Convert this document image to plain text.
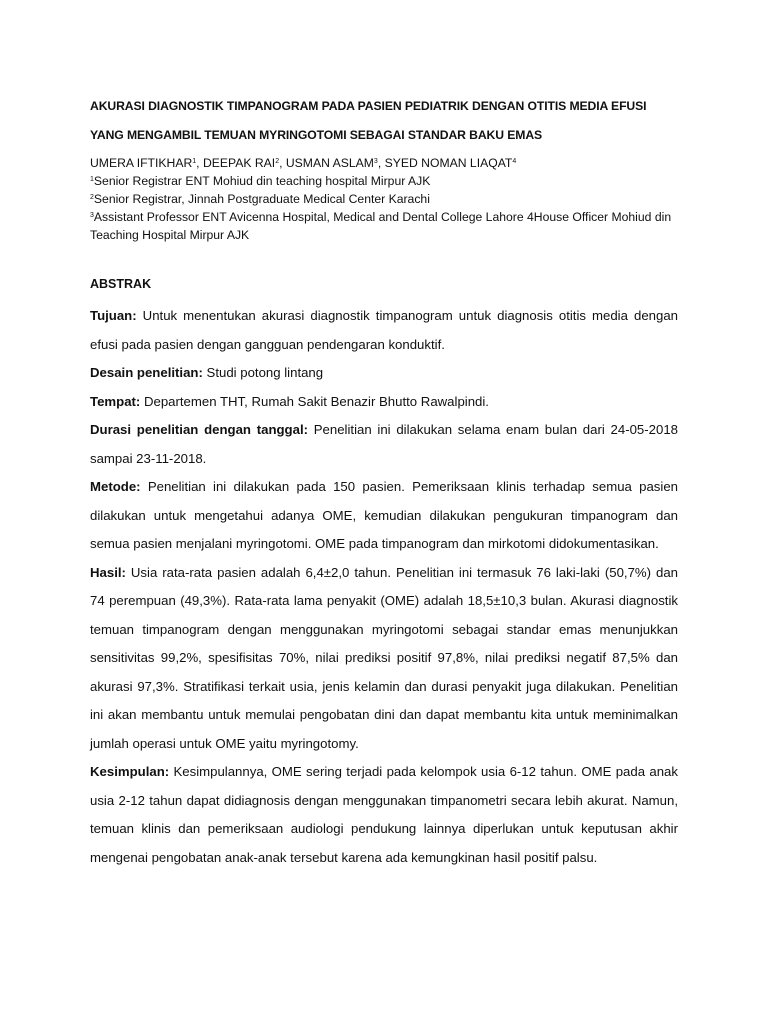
AKURASI DIAGNOSTIK TIMPANOGRAM PADA PASIEN PEDIATRIK DENGAN OTITIS MEDIA EFUSI
YANG MENGAMBIL TEMUAN MYRINGOTOMI SEBAGAI STANDAR BAKU EMAS
UMERA IFTIKHAR$^1$, DEEPAK RAI$^2$, USMAN ASLAM$^3$, SYED NOMAN LIAQAT$^4$

$^1$Senior Registrar ENT Mohiud din teaching hospital Mirpur AJK

$^2$Senior Registrar, Jinnah Postgraduate Medical Center Karachi

$^3$Assistant Professor ENT Avicenna Hospital, Medical and Dental College Lahore 4House Officer Mohiud din Teaching Hospital Mirpur AJK

ABSTRAK

Tujuan: Untuk menentukan akurasi diagnostik timpanogram untuk diagnosis otitis media dengan efusi pada pasien dengan gangguan pendengaran konduktif.

Desain penelitian: Studi potong lintang

Tempat: Departemen THT, Rumah Sakit Benazir Bhutto Rawalpindi.

Durasi penelitian dengan tanggal: Penelitian ini dilakukan selama enam bulan dari 24-05-2018 sampai 23-11-2018.

Metode: Penelitian ini dilakukan pada 150 pasien. Pemeriksaan klinis terhadap semua pasien dilakukan untuk mengetahui adanya OME, kemudian dilakukan pengukuran timpanogram dan semua pasien menjalani myringotomi. OME pada timpanogram dan mirkotomi didokumentasikan.

Hasil: Usia rata-rata pasien adalah 6,4±2,0 tahun. Penelitian ini termasuk 76 laki-laki (50,7%) dan 74 perempuan (49,3%). Rata-rata lama penyakit (OME) adalah 18,5±10,3 bulan. Akurasi diagnostik temuan timpanogram dengan menggunakan myringotomi sebagai standar emas menunjukkan sensitivitas 99,2%, spesifisitas 70%, nilai prediksi positif 97,8%, nilai prediksi negatif 87,5% dan akurasi 97,3%. Stratifikasi terkait usia, jenis kelamin dan durasi penyakit juga dilakukan. Penelitian ini akan membantu untuk memulai pengobatan dini dan dapat membantu kita untuk meminimalkan jumlah operasi untuk OME yaitu myringotomy.

Kesimpulan: Kesimpulannya, OME sering terjadi pada kelompok usia 6-12 tahun. OME pada anak usia 2-12 tahun dapat didiagnosis dengan menggunakan timpanometri secara lebih akurat. Namun, temuan klinis dan pemeriksaan audiologi pendukung lainnya diperlukan untuk keputusan akhir mengenai pengobatan anak-anak tersebut karena ada kemungkinan hasil positif palsu.
